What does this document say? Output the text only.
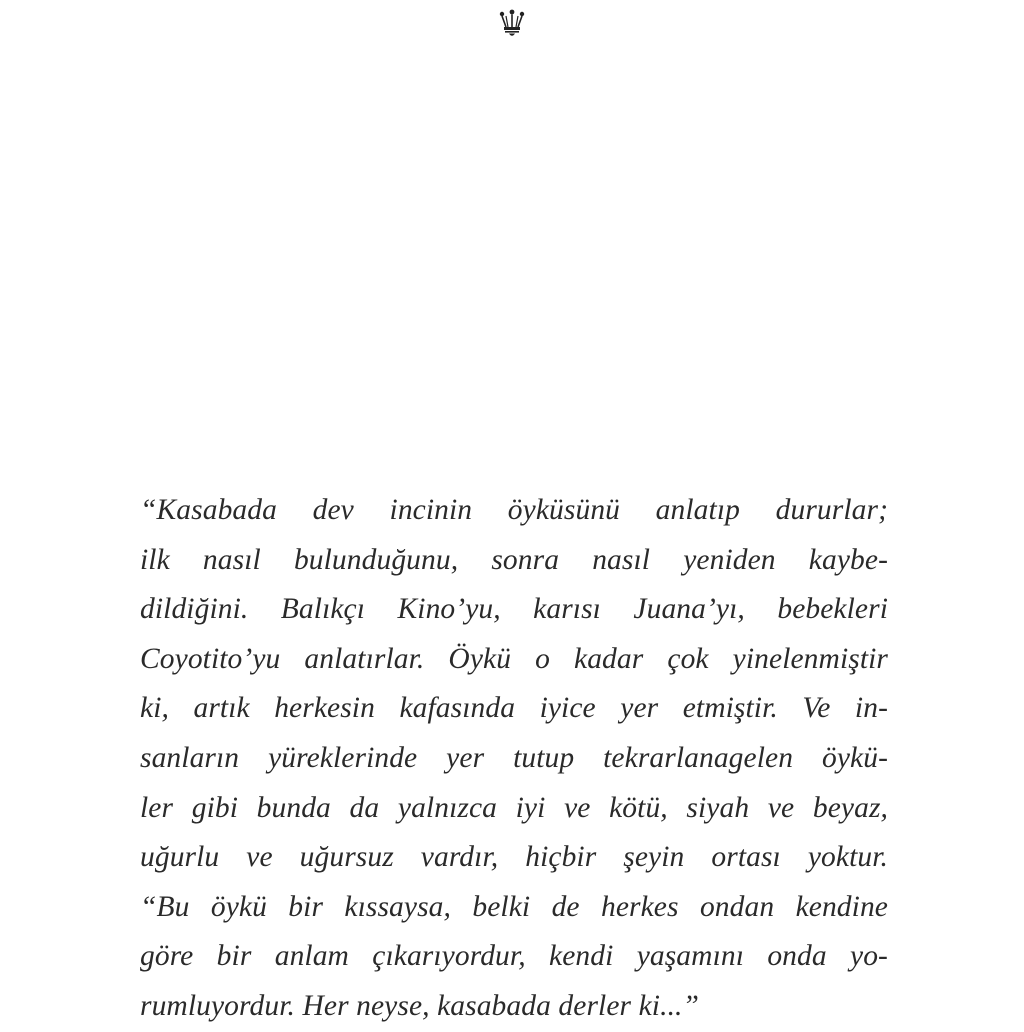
“Kasabada dev incinin öyküsünü anlatıp dururlar;
ilk nasıl bulunduğunu, sonra nasıl yeniden kaybe-
dildiğini. Balıkçı Kino’yu, karısı Juana’yı, bebekleri
Coyotito’yu anlatırlar. Öykü o kadar çok yinelenmiştir
ki, artık herkesin kafasında iyice yer etmiştir. Ve in-
sanların yüreklerinde yer tutup tekrarlanagelen öykü-
ler gibi bunda da yalnızca iyi ve kötü, siyah ve beyaz,
uğurlu ve uğursuz vardır, hiçbir şeyin ortası yoktur.
“Bu öykü bir kıssaysa, belki de herkes ondan kendine
göre bir anlam çıkarıyordur, kendi yaşamını onda yo-
rumluyordur. Her neyse, kasabada derler ki...”
